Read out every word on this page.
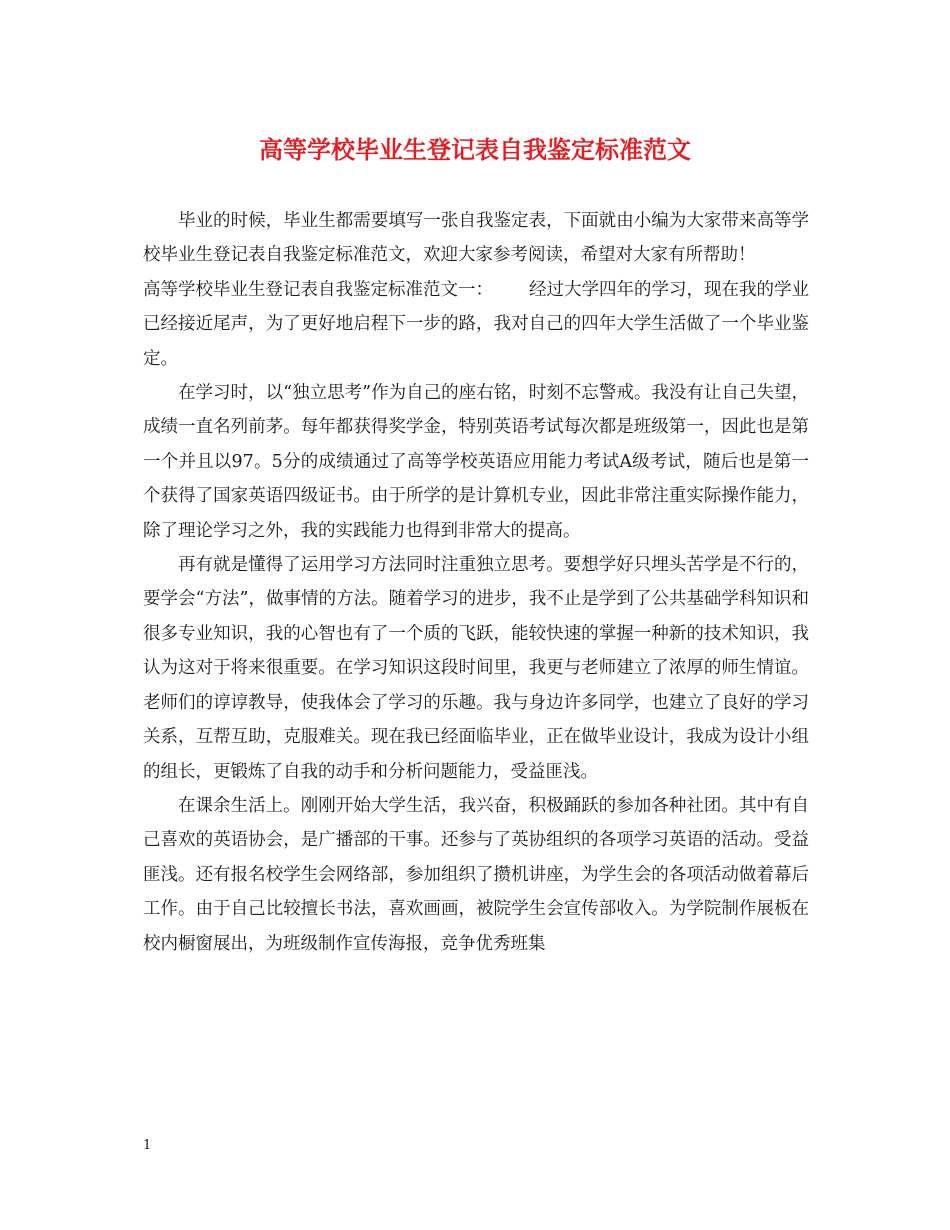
高等学校毕业生登记表自我鉴定标准范文

毕业的时候，毕业生都需要填写一张自我鉴定表，下面就由小编为大家带来高等学校毕业生登记表自我鉴定标准范文，欢迎大家参考阅读，希望对大家有所帮助！

高等学校毕业生登记表自我鉴定标准范文一： 经过大学四年的学习，现在我的学业已经接近尾声，为了更好地启程下一步的路，我对自己的四年大学生活做了一个毕业鉴定。

在学习时，以“独立思考”作为自己的座右铭，时刻不忘警戒。我没有让自己失望，成绩一直名列前茅。每年都获得奖学金，特别英语考试每次都是班级第一，因此也是第一个并且以97。5分的成绩通过了高等学校英语应用能力考试A级考试，随后也是第一个获得了国家英语四级证书。由于所学的是计算机专业，因此非常注重实际操作能力，除了理论学习之外，我的实践能力也得到非常大的提高。

再有就是懂得了运用学习方法同时注重独立思考。要想学好只埋头苦学是不行的，要学会“方法”，做事情的方法。随着学习的进步，我不止是学到了公共基础学科知识和很多专业知识，我的心智也有了一个质的飞跃，能较快速的掌握一种新的技术知识，我认为这对于将来很重要。在学习知识这段时间里，我更与老师建立了浓厚的师生情谊。老师们的谆谆教导，使我体会了学习的乐趣。我与身边许多同学，也建立了良好的学习关系，互帮互助，克服难关。现在我已经面临毕业，正在做毕业设计，我成为设计小组的组长，更锻炼了自我的动手和分析问题能力，受益匪浅。

在课余生活上。刚刚开始大学生活，我兴奋，积极踊跃的参加各种社团。其中有自己喜欢的英语协会，是广播部的干事。还参与了英协组织的各项学习英语的活动。受益匪浅。还有报名校学生会网络部，参加组织了攒机讲座，为学生会的各项活动做着幕后工作。由于自己比较擅长书法，喜欢画画，被院学生会宣传部收入。为学院制作展板在校内橱窗展出，为班级制作宣传海报，竞争优秀班集

1
